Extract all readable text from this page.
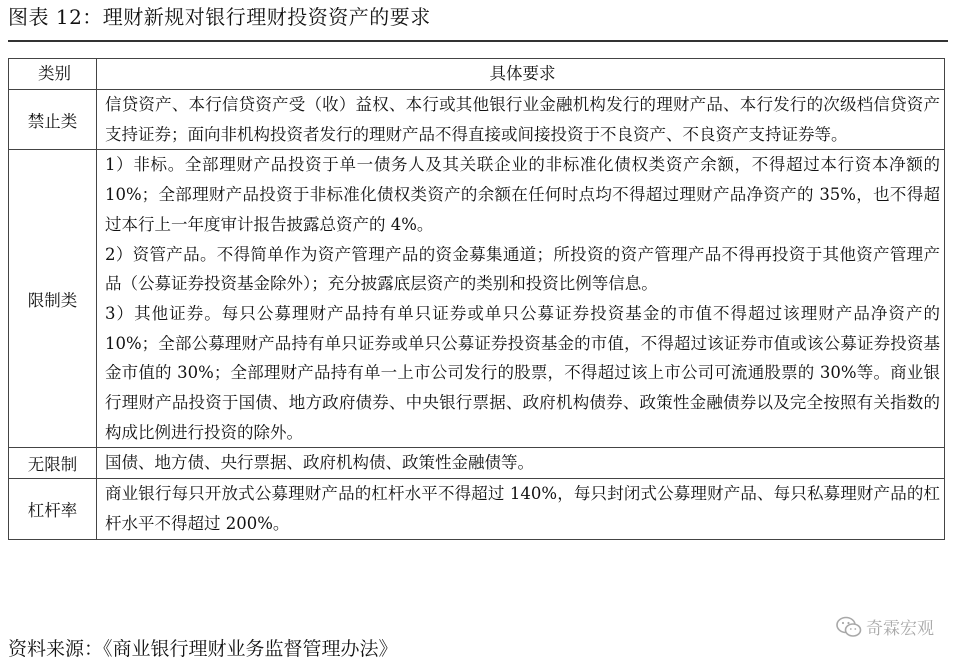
图表 12：理财新规对银行理财投资资产的要求
类别	具体要求
禁止类	信贷资产、本行信贷资产受（收）益权、本行或其他银行业金融机构发行的理财产品、本行发行的次级档信贷资产支持证券；面向非机构投资者发行的理财产品不得直接或间接投资于不良资产、不良资产支持证券等。

限制类	1）非标。全部理财产品投资于单一债务人及其关联企业的非标准化债权类资产余额，不得超过本行资本净额的 10%；全部理财产品投资于非标准化债权类资产的余额在任何时点均不得超过理财产品净资产的 35%，也不得超过本行上一年度审计报告披露总资产的 4%。

2）资管产品。不得简单作为资产管理产品的资金募集通道；所投资的资产管理产品不得再投资于其他资产管理产品（公募证券投资基金除外）；充分披露底层资产的类别和投资比例等信息。

3）其他证券。每只公募理财产品持有单只证券或单只公募证券投资基金的市值不得超过该理财产品净资产的 10%；全部公募理财产品持有单只证券或单只公募证券投资基金的市值，不得超过该证券市值或该公募证券投资基金市值的 30%；全部理财产品持有单一上市公司发行的股票，不得超过该上市公司可流通股票的 30%等。商业银行理财产品投资于国债、地方政府债券、中央银行票据、政府机构债券、政策性金融债券以及完全按照有关指数的构成比例进行投资的除外。

无限制	国债、地方债、央行票据、政府机构债、政策性金融债等。

杠杆率	商业银行每只开放式公募理财产品的杠杆水平不得超过 140%，每只封闭式公募理财产品、每只私募理财产品的杠杆水平不得超过 200%。

资料来源：《商业银行理财业务监督管理办法》
奇霖宏观
